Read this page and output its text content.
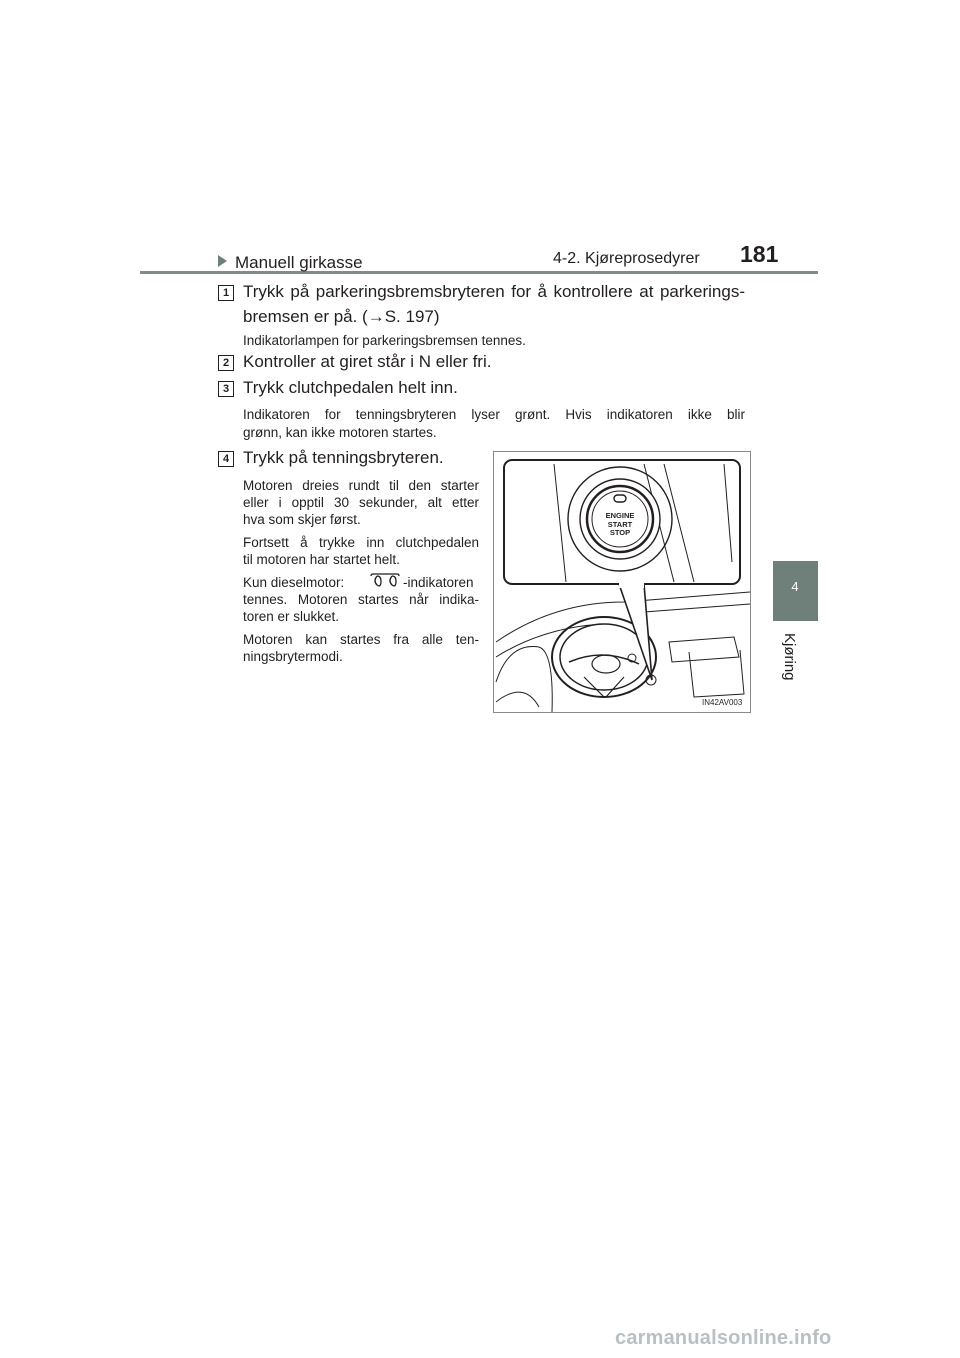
4-2. Kjøreprosedyrer 181
4
Kjøring
Manuell girkasse
1 Trykk på parkeringsbremsbryteren for å kontrollere at parkerings-
bremsen er på. (→S. 197)
Indikatorlampen for parkeringsbremsen tennes.
2 Kontroller at giret står i N eller fri.
3 Trykk clutchpedalen helt inn.
Indikatoren for tenningsbryteren lyser grønt. Hvis indikatoren ikke blir
grønn, kan ikke motoren startes.
4 Trykk på tenningsbryteren.
Motoren dreies rundt til den starter
eller i opptil 30 sekunder, alt etter
hva som skjer først.
Fortsett å trykke inn clutchpedalen
til motoren har startet helt.
Kun dieselmotor:	-indikatoren
tennes. Motoren startes når indika-
toren er slukket.
Motoren kan startes fra alle ten-
ningsbrytermodi.
ENGINE
START
STOP
IN42AV003
carmanualsonline.info
